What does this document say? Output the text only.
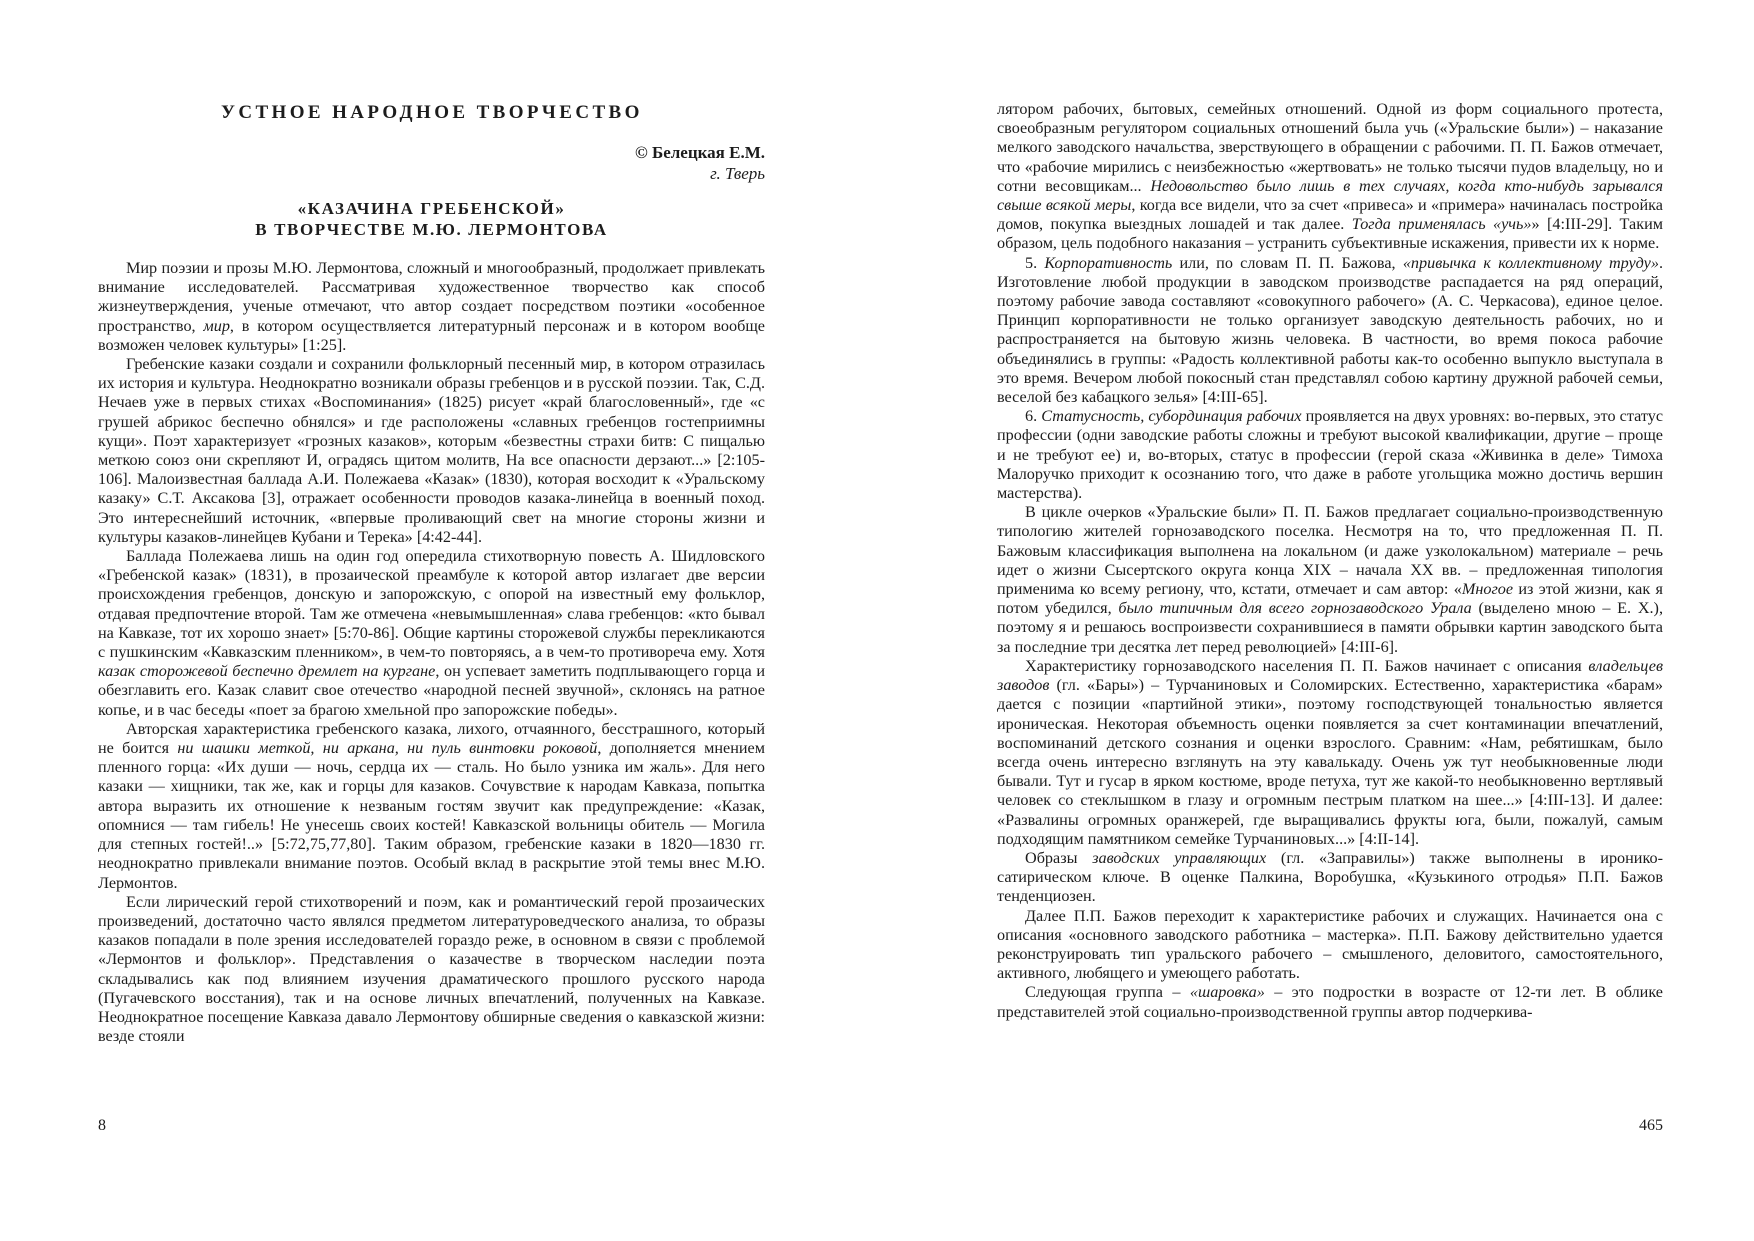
УСТНОЕ НАРОДНОЕ ТВОРЧЕСТВО
© Белецкая Е.М.
г. Тверь
«КАЗАЧИНА ГРЕБЕНСКОЙ»
В ТВОРЧЕСТВЕ М.Ю. ЛЕРМОНТОВА

Мир поэзии и прозы М.Ю. Лермонтова, сложный и многообразный, продолжает привлекать внимание исследователей. Рассматривая художественное творчество как способ жизнеутверждения, ученые отмечают, что автор создает посредством поэтики «особенное пространство, мир, в котором осуществляется литературный персонаж и в котором вообще возможен человек культуры» [1:25].

Гребенские казаки создали и сохранили фольклорный песенный мир, в котором отразилась их история и культура. Неоднократно возникали образы гребенцов и в русской поэзии. Так, С.Д. Нечаев уже в первых стихах «Воспоминания» (1825) рисует «край благословенный», где «с грушей абрикос беспечно обнялся» и где расположены «славных гребенцов гостеприимны кущи». Поэт характеризует «грозных казаков», которым «безвестны страхи битв: С пищалью меткою союз они скрепляют И, оградясь щитом молитв, На все опасности дерзают...» [2:105-106]. Малоизвестная баллада А.И. Полежаева «Казак» (1830), которая восходит к «Уральскому казаку» С.Т. Аксакова [3], отражает особенности проводов казака-линейца в военный поход. Это интереснейший источник, «впервые проливающий свет на многие стороны жизни и культуры казаков-линейцев Кубани и Терека» [4:42-44].

Баллада Полежаева лишь на один год опередила стихотворную повесть А. Шидловского «Гребенской казак» (1831), в прозаической преамбуле к которой автор излагает две версии происхождения гребенцов, донскую и запорожскую, с опорой на известный ему фольклор, отдавая предпочтение второй. Там же отмечена «невымышленная» слава гребенцов: «кто бывал на Кавказе, тот их хорошо знает» [5:70-86]. Общие картины сторожевой службы перекликаются с пушкинским «Кавказским пленником», в чем-то повторяясь, а в чем-то противореча ему. Хотя казак сторожевой беспечно дремлет на кургане, он успевает заметить подплывающего горца и обезглавить его. Казак славит свое отечество «народной песней звучной», склонясь на ратное копье, и в час беседы «поет за брагою хмельной про запорожские победы».

Авторская характеристика гребенского казака, лихого, отчаянного, бесстрашного, который не боится ни шашки меткой, ни аркана, ни пуль винтовки роковой, дополняется мнением пленного горца: «Их души — ночь, сердца их — сталь. Но было узника им жаль». Для него казаки — хищники, так же, как и горцы для казаков. Сочувствие к народам Кавказа, попытка автора выразить их отношение к незваным гостям звучит как предупреждение: «Казак, опомнися — там гибель! Не унесешь своих костей! Кавказской вольницы обитель — Могила для степных гостей!..» [5:72,75,77,80]. Таким образом, гребенские казаки в 1820—1830 гг. неоднократно привлекали внимание поэтов. Особый вклад в раскрытие этой темы внес М.Ю. Лермонтов.

Если лирический герой стихотворений и поэм, как и романтический герой прозаических произведений, достаточно часто являлся предметом литературоведческого анализа, то образы казаков попадали в поле зрения исследователей гораздо реже, в основном в связи с проблемой «Лермонтов и фольклор». Представления о казачестве в творческом наследии поэта складывались как под влиянием изучения драматического прошлого русского народа (Пугачевского восстания), так и на основе личных впечатлений, полученных на Кавказе. Неоднократное посещение Кавказа давало Лермонтову обширные сведения о кавказской жизни: везде стояли

8

лятором рабочих, бытовых, семейных отношений. Одной из форм социального протеста, своеобразным регулятором социальных отношений была учь («Уральские были») – наказание мелкого заводского начальства, зверствующего в обращении с рабочими. П. П. Бажов отмечает, что «рабочие мирились с неизбежностью «жертвовать» не только тысячи пудов владельцу, но и сотни весовщикам... Недовольство было лишь в тех случаях, когда кто-нибудь зарывался свыше всякой меры, когда все видели, что за счет «привеса» и «примера» начиналась постройка домов, покупка выездных лошадей и так далее. Тогда применялась «учь»» [4:III-29]. Таким образом, цель подобного наказания – устранить субъективные искажения, привести их к норме.

5. Корпоративность или, по словам П. П. Бажова, «привычка к коллективному труду». Изготовление любой продукции в заводском производстве распадается на ряд операций, поэтому рабочие завода составляют «совокупного рабочего» (А. С. Черкасова), единое целое. Принцип корпоративности не только организует заводскую деятельность рабочих, но и распространяется на бытовую жизнь человека. В частности, во время покоса рабочие объединялись в группы: «Радость коллективной работы как-то особенно выпукло выступала в это время. Вечером любой покосный стан представлял собою картину дружной рабочей семьи, веселой без кабацкого зелья» [4:III-65].

6. Статусность, субординация рабочих проявляется на двух уровнях: во-первых, это статус профессии (одни заводские работы сложны и требуют высокой квалификации, другие – проще и не требуют ее) и, во-вторых, статус в профессии (герой сказа «Живинка в деле» Тимоха Малоручко приходит к осознанию того, что даже в работе угольщика можно достичь вершин мастерства).

В цикле очерков «Уральские были» П. П. Бажов предлагает социально-производственную типологию жителей горнозаводского поселка. Несмотря на то, что предложенная П. П. Бажовым классификация выполнена на локальном (и даже узколокальном) материале – речь идет о жизни Сысертского округа конца XIX – начала XX вв. – предложенная типология применима ко всему региону, что, кстати, отмечает и сам автор: «Многое из этой жизни, как я потом убедился, было типичным для всего горнозаводского Урала (выделено мною – Е. Х.), поэтому я и решаюсь воспроизвести сохранившиеся в памяти обрывки картин заводского быта за последние три десятка лет перед революцией» [4:III-6].

Характеристику горнозаводского населения П. П. Бажов начинает с описания владельцев заводов (гл. «Бары») – Турчаниновых и Соломирских. Естественно, характеристика «барам» дается с позиции «партийной этики», поэтому господствующей тональностью является ироническая. Некоторая объемность оценки появляется за счет контаминации впечатлений, воспоминаний детского сознания и оценки взрослого. Сравним: «Нам, ребятишкам, было всегда очень интересно взглянуть на эту кавалькаду. Очень уж тут необыкновенные люди бывали. Тут и гусар в ярком костюме, вроде петуха, тут же какой-то необыкновенно вертлявый человек со стеклышком в глазу и огромным пестрым платком на шее...» [4:III-13]. И далее: «Развалины огромных оранжерей, где выращивались фрукты юга, были, пожалуй, самым подходящим памятником семейке Турчаниновых...» [4:II-14].

Образы заводских управляющих (гл. «Заправилы») также выполнены в иронико-сатирическом ключе. В оценке Палкина, Воробушка, «Кузькиного отродья» П.П. Бажов тенденциозен.

Далее П.П. Бажов переходит к характеристике рабочих и служащих. Начинается она с описания «основного заводского работника – мастерка». П.П. Бажову действительно удается реконструировать тип уральского рабочего – смышленого, деловитого, самостоятельного, активного, любящего и умеющего работать.

Следующая группа – «шаровка» – это подростки в возрасте от 12-ти лет. В облике представителей этой социально-производственной группы автор подчеркива-

465
